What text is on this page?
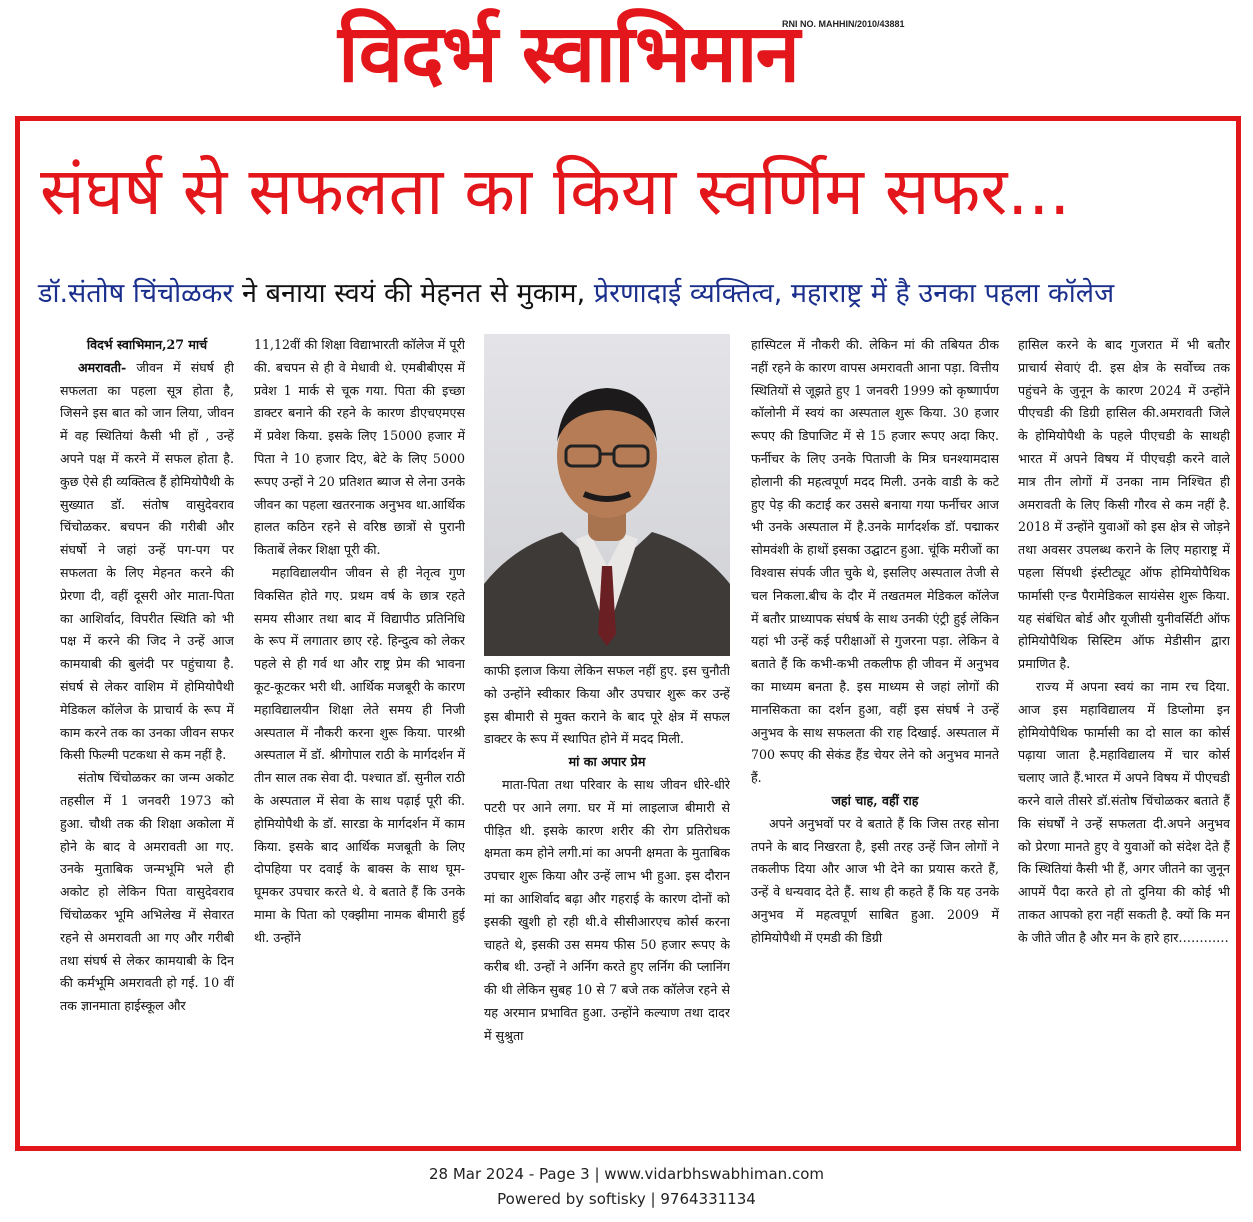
विदर्भ स्वाभिमान
RNI NO. MAHHIN/2010/43881
संघर्ष से सफलता का किया स्वर्णिम सफर...
डॉ.संतोष चिंचोळकर ने बनाया स्वयं की मेहनत से मुकाम, प्रेरणादाई व्यक्तित्व, महाराष्ट्र में है उनका पहला कॉलेज

विदर्भ स्वाभिमान,27 मार्च

अमरावती- जीवन में संघर्ष ही सफलता का पहला सूत्र होता है, जिसने इस बात को जान लिया, जीवन में वह स्थितियां कैसी भी हों , उन्हें अपने पक्ष में करने में सफल होता है. कुछ ऐसे ही व्यक्तित्व हैं होमियोपैथी के सुख्यात डॉ. संतोष वासुदेवराव चिंचोळकर. बचपन की गरीबी और संघर्षो ने जहां उन्हें पग-पग पर सफलता के लिए मेहनत करने की प्रेरणा दी, वहीं दूसरी ओर माता-पिता का आशिर्वाद, विपरीत स्थिति को भी पक्ष में करने की जिद ने उन्हें आज कामयाबी की बुलंदी पर पहुंचाया है. संघर्ष से लेकर वाशिम में होमियोपैथी मेडिकल कॉलेज के प्राचार्य के रूप में काम करने तक का उनका जीवन सफर किसी फिल्मी पटकथा से कम नहीं है.

संतोष चिंचोळकर का जन्म अकोट तहसील में 1 जनवरी 1973 को हुआ. चौथी तक की शिक्षा अकोला में होने के बाद वे अमरावती आ गए. उनके मुताबिक जन्मभूमि भले ही अकोट हो लेकिन पिता वासुदेवराव चिंचोळकर भूमि अभिलेख में सेवारत रहने से अमरावती आ गए और गरीबी तथा संघर्ष से लेकर कामयाबी के दिन की कर्मभूमि अमरावती हो गई. 10 वीं तक ज्ञानमाता हाईस्कूल और

11,12वीं की शिक्षा विद्याभारती कॉलेज में पूरी की. बचपन से ही वे मेधावी थे. एमबीबीएस में प्रवेश 1 मार्क से चूक गया. पिता की इच्छा डाक्टर बनाने की रहने के कारण डीएचएमएस में प्रवेश किया. इसके लिए 15000 हजार में पिता ने 10 हजार दिए, बेटे के लिए 5000 रूपए उन्हों ने 20 प्रतिशत ब्याज से लेना उनके जीवन का पहला खतरनाक अनुभव था.आर्थिक हालत कठिन रहने से वरिष्ठ छात्रों से पुरानी किताबें लेकर शिक्षा पूरी की.

महाविद्यालयीन जीवन से ही नेतृत्व गुण विकसित होते गए. प्रथम वर्ष के छात्र रहते समय सीआर तथा बाद में विद्यापीठ प्रतिनिधि के रूप में लगातार छाए रहे. हिन्दुत्व को लेकर पहले से ही गर्व था और राष्ट्र प्रेम की भावना कूट-कूटकर भरी थी. आर्थिक मजबूरी के कारण महाविद्यालयीन शिक्षा लेते समय ही निजी अस्पताल में नौकरी करना शुरू किया. पारश्री अस्पताल में डॉ. श्रीगोपाल राठी के मार्गदर्शन में तीन साल तक सेवा दी. पश्चात डॉ. सुनील राठी के अस्पताल में सेवा के साथ पढ़ाई पूरी की. होमियोपैथी के डॉ. सारडा के मार्गदर्शन में काम किया. इसके बाद आर्थिक मजबूती के लिए दोपहिया पर दवाई के बाक्स के साथ घूम-घूमकर उपचार करते थे. वे बताते हैं कि उनके मामा के पिता को एक्झीमा नामक बीमारी हुई थी. उन्होंने

काफी इलाज किया लेकिन सफल नहीं हुए. इस चुनौती को उन्होंने स्वीकार किया और उपचार शुरू कर उन्हें इस बीमारी से मुक्त कराने के बाद पूरे क्षेत्र में सफल डाक्टर के रूप में स्थापित होने में मदद मिली.

मां का अपार प्रेम

माता-पिता तथा परिवार के साथ जीवन धीरे-धीरे पटरी पर आने लगा. घर में मां लाइलाज बीमारी से पीड़ित थी. इसके कारण शरीर की रोग प्रतिरोधक क्षमता कम होने लगी.मां का अपनी क्षमता के मुताबिक उपचार शुरू किया और उन्हें लाभ भी हुआ. इस दौरान मां का आशिर्वाद बढ़ा और गहराई के कारण दोनों को इसकी खुशी हो रही थी.वे सीसीआरएच कोर्स करना चाहते थे, इसकी उस समय फीस 50 हजार रूपए के करीब थी. उन्हों ने अर्निग करते हुए लर्निग की प्लानिंग की थी लेकिन सुबह 10 से 7 बजे तक कॉलेज रहने से यह अरमान प्रभावित हुआ. उन्होंने कल्याण तथा दादर में सुश्रुता

हास्पिटल में नौकरी की. लेकिन मां की तबियत ठीक नहीं रहने के कारण वापस अमरावती आना पड़ा. वित्तीय स्थितियों से जूझते हुए 1 जनवरी 1999 को कृष्णार्पण कॉलोनी में स्वयं का अस्पताल शुरू किया. 30 हजार रूपए की डिपाजिट में से 15 हजार रूपए अदा किए. फर्नीचर के लिए उनके पिताजी के मित्र घनश्यामदास होलानी की महत्वपूर्ण मदद मिली. उनके वाडी के कटे हुए पेड़ की कटाई कर उससे बनाया गया फर्नीचर आज भी उनके अस्पताल में है.उनके मार्गदर्शक डॉ. पद्माकर सोमवंशी के हाथों इसका उद्घाटन हुआ. चूंकि मरीजों का विश्वास संपर्क जीत चुके थे, इसलिए अस्पताल तेजी से चल निकला.बीच के दौर में तखतमल मेडिकल कॉलेज में बतौर प्राध्यापक संघर्ष के साथ उनकी एंट्री हुई लेकिन यहां भी उन्हें कई परीक्षाओं से गुजरना पड़ा. लेकिन वे बताते हैं कि कभी-कभी तकलीफ ही जीवन में अनुभव का माध्यम बनता है. इस माध्यम से जहां लोगों की मानसिकता का दर्शन हुआ, वहीं इस संघर्ष ने उन्हें अनुभव के साथ सफलता की राह दिखाई. अस्पताल में 700 रूपए की सेकंड हैंड चेयर लेने को अनुभव मानते हैं.

जहां चाह, वहीं राह

अपने अनुभवों पर वे बताते हैं कि जिस तरह सोना तपने के बाद निखरता है, इसी तरह उन्हें जिन लोगों ने तकलीफ दिया और आज भी देने का प्रयास करते हैं, उन्हें वे धन्यवाद देते हैं. साथ ही कहते हैं कि यह उनके अनुभव में महत्वपूर्ण साबित हुआ. 2009 में होमियोपैथी में एमडी की डिग्री

हासिल करने के बाद गुजरात में भी बतौर प्राचार्य सेवाएं दी. इस क्षेत्र के सर्वोच्च तक पहुंचने के जुनून के कारण 2024 में उन्होंने पीएचडी की डिग्री हासिल की.अमरावती जिले के होमियोपैथी के पहले पीएचडी के साथही भारत में अपने विषय में पीएचड़ी करने वाले मात्र तीन लोगों में उनका नाम निश्चित ही अमरावती के लिए किसी गौरव से कम नहीं है. 2018 में उन्होंने युवाओं को इस क्षेत्र से जोड़ने तथा अवसर उपलब्ध कराने के लिए महाराष्ट्र में पहला सिंपथी इंस्टीट्यूट ऑफ होमियोपैथिक फार्मासी एन्ड पैरामेडिकल सायंसेस शुरू किया. यह संबंधित बोर्ड और यूजीसी युनीवर्सिटी ऑफ होमियोपैथिक सिस्टिम ऑफ मेडीसीन द्वारा प्रमाणित है.

राज्य में अपना स्वयं का नाम रच दिया. आज इस महाविद्यालय में डिप्लोमा इन होमियोपैथिक फार्मासी का दो साल का कोर्स पढ़ाया जाता है.महाविद्यालय में चार कोर्स चलाए जाते हैं.भारत में अपने विषय में पीएचडी करने वाले तीसरे डॉ.संतोष चिंचोळकर बताते हैं कि संघर्षों ने उन्हें सफलता दी.अपने अनुभव को प्रेरणा मानते हुए वे युवाओं को संदेश देते हैं कि स्थितियां कैसी भी हैं, अगर जीतने का जुनून आपमें पैदा करते हो तो दुनिया की कोई भी ताकत आपको हरा नहीं सकती है. क्यों कि मन के जीते जीत है और मन के हारे हार…………

28 Mar 2024 - Page 3 | www.vidarbhswabhiman.com
Powered by softisky | 9764331134
